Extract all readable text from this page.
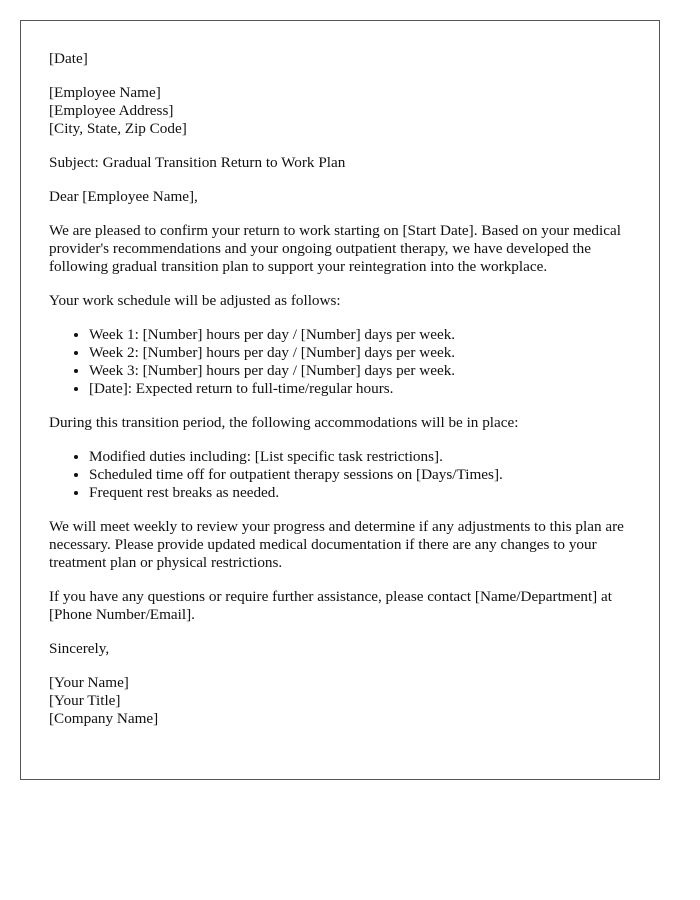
[Date]

[Employee Name]
[Employee Address]
[City, State, Zip Code]

Subject: Gradual Transition Return to Work Plan

Dear [Employee Name],

We are pleased to confirm your return to work starting on [Start Date]. Based on your medical provider's recommendations and your ongoing outpatient therapy, we have developed the following gradual transition plan to support your reintegration into the workplace.

Your work schedule will be adjusted as follows:

• Week 1: [Number] hours per day / [Number] days per week.
• Week 2: [Number] hours per day / [Number] days per week.
• Week 3: [Number] hours per day / [Number] days per week.
• [Date]: Expected return to full-time/regular hours.

During this transition period, the following accommodations will be in place:

• Modified duties including: [List specific task restrictions].
• Scheduled time off for outpatient therapy sessions on [Days/Times].
• Frequent rest breaks as needed.

We will meet weekly to review your progress and determine if any adjustments to this plan are necessary. Please provide updated medical documentation if there are any changes to your treatment plan or physical restrictions.

If you have any questions or require further assistance, please contact [Name/Department] at [Phone Number/Email].

Sincerely,

[Your Name]
[Your Title]
[Company Name]
